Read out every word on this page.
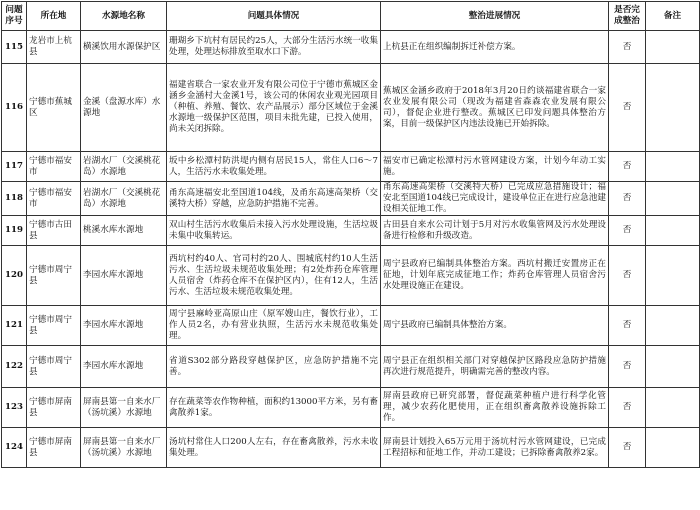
问题序号	所在地	水源地名称	问题具体情况	整治进展情况	是否完成整治	备注
115	龙岩市上杭县	横溪饮用水源保护区	珊瑚乡下坑村有居民约25人，大部分生活污水统一收集处理，处理达标排放至取水口下游。	上杭县正在组织编制拆迁补偿方案。	否	
116	宁德市蕉城区	金溪（盘源水库）水源地	福建省联合一家农业开发有限公司位于宁德市蕉城区金涵乡金涵村大金溪1号，该公司的休闲农业观光园项目（种植、养殖、餐饮、农产品展示）部分区域位于金溪水源地一级保护区范围，项目未批先建，已投入使用，尚未关闭拆除。	蕉城区金涵乡政府于2018年3月20日约谈福建省联合一家农业发展有限公司（现改为福建省森森农业发展有限公司），督促企业进行整改。蕉城区已印发问题具体整治方案，目前一级保护区内违法设施已开始拆除。	否	
117	宁德市福安市	岩湖水厂（交溪桃花岛）水源地	坂中乡松潭村防洪堤内侧有居民15人，常住人口6～7人，生活污水未收集处理。	福安市已确定松潭村污水管网建设方案，计划今年动工实施。	否	
118	宁德市福安市	岩湖水厂（交溪桃花岛）水源地	甬东高速福安北至国道104线，及甬东高速高架桥（交溪特大桥）穿越，应急防护措施不完善。	甬东高速高架桥（交溪特大桥）已完成应急措施设计；福安北至国道104线已完成设计，建设单位正在进行应急池建设相关征地工作。	否	
119	宁德市古田县	桃溪水库水源地	双山村生活污水收集后未接入污水处理设施，生活垃圾未集中收集转运。	古田县自来水公司计划于5月对污水收集管网及污水处理设备进行检修和升级改造。	否	
120	宁德市周宁县	李园水库水源地	西坑村约40人、官司村约20人、围城底村约10人生活污水、生活垃圾未规范收集处理；有2处炸药仓库管理人员宿舍（炸药仓库不在保护区内），住有12人，生活污水、生活垃圾未规范收集处理。	周宁县政府已编制具体整治方案。西坑村搬迁安置房正在征地，计划年底完成征地工作；炸药仓库管理人员宿舍污水处理设施正在建设。	否	
121	宁德市周宁县	李园水库水源地	周宁县麻岭亚高原山庄（原军嫂山庄，餐饮行业），工作人员2名，办有营业执照，生活污水未规范收集处理。	周宁县政府已编制具体整治方案。	否	
122	宁德市周宁县	李园水库水源地	省道S302部分路段穿越保护区，应急防护措施不完善。	周宁县正在组织相关部门对穿越保护区路段应急防护措施再次进行规范提升，明确需完善的整改内容。	否	
123	宁德市屏南县	屏南县第一自来水厂（汤坑溪）水源地	存在蔬菜等农作物种植，面积约13000平方米，另有畜禽散养1家。	屏南县政府已研究部署，督促蔬菜种植户进行科学化管理，减少农药化肥使用，正在组织畜禽散养设施拆除工作。	否	
124	宁德市屏南县	屏南县第一自来水厂（汤坑溪）水源地	汤坑村常住人口200人左右，存在畜禽散养，污水未收集处理。	屏南县计划投入65万元用于汤坑村污水管网建设，已完成工程招标和征地工作，并动工建设；已拆除畜禽散养2家。	否	
